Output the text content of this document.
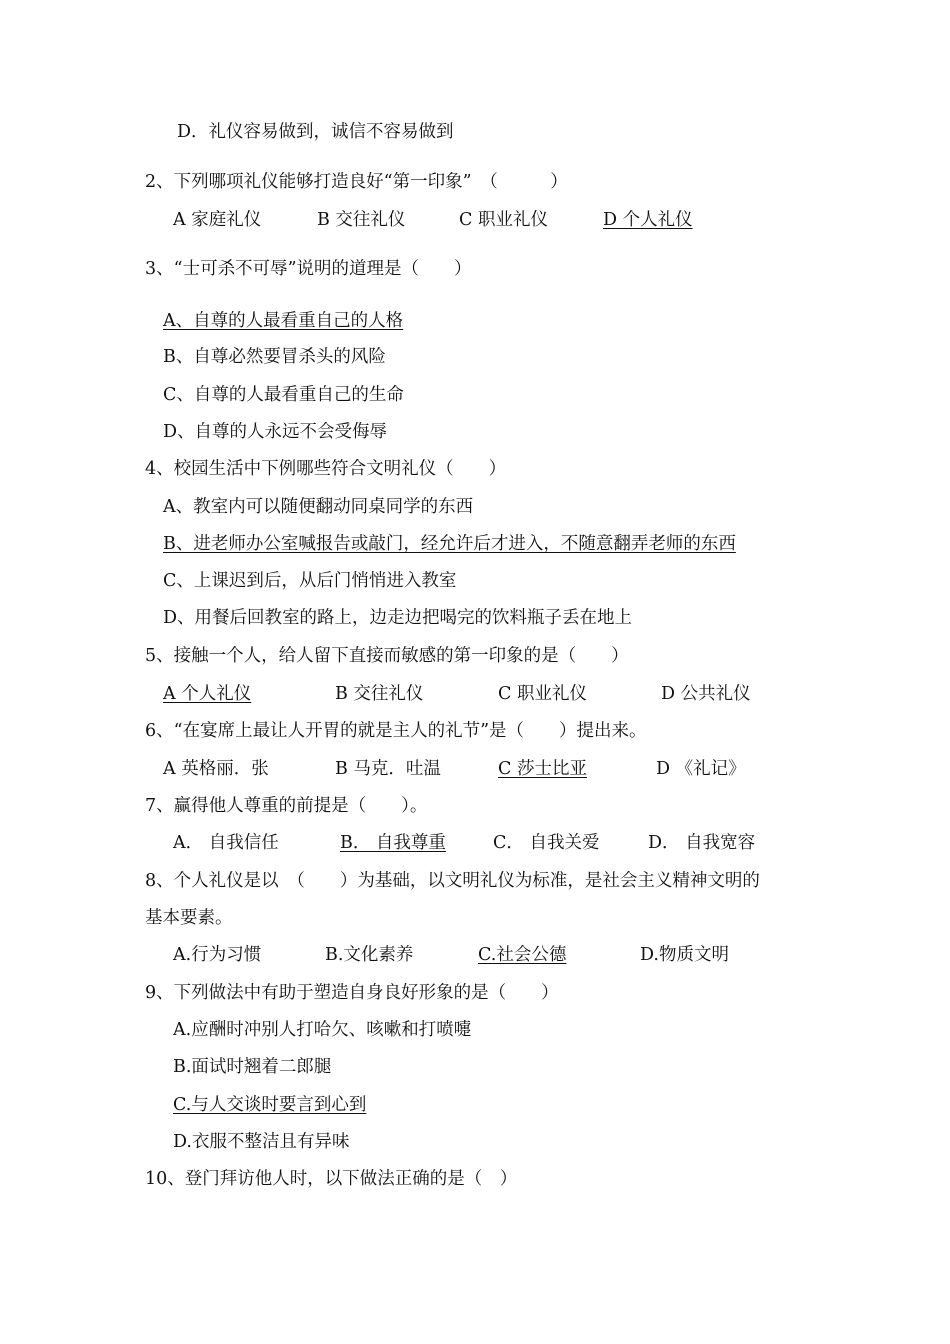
D．礼仪容易做到，诚信不容易做到
2、下列哪项礼仪能够打造良好“第一印象”　（　　　）
A 家庭礼仪	B 交往礼仪	C 职业礼仪	D 个人礼仪
3、“士可杀不可辱”说明的道理是（　　）
A、自尊的人最看重自己的人格
B、自尊必然要冒杀头的风险
C、自尊的人最看重自己的生命
D、自尊的人永远不会受侮辱
4、校园生活中下例哪些符合文明礼仪（　　）
A、教室内可以随便翻动同桌同学的东西
B、进老师办公室喊报告或敲门，经允许后才进入，不随意翻弄老师的东西
C、上课迟到后，从后门悄悄进入教室
D、用餐后回教室的路上，边走边把喝完的饮料瓶子丢在地上
5、接触一个人，给人留下直接而敏感的第一印象的是（　　）
A 个人礼仪	B 交往礼仪	C 职业礼仪	D 公共礼仪
6、“在宴席上最让人开胃的就是主人的礼节”是（　　）提出来。
A 英格丽．张	B 马克．吐温	C 莎士比亚	D 《礼记》
7、赢得他人尊重的前提是（　　）。
A． 自我信任	B． 自我尊重	C． 自我关爱	D． 自我宽容
8、个人礼仪是以　（　　）为基础，以文明礼仪为标准，是社会主义精神文明的
基本要素。
A.行为习惯	B.文化素养	C.社会公德	D.物质文明
9、下列做法中有助于塑造自身良好形象的是（　　）
A.应酬时冲别人打哈欠、咳嗽和打喷嚏
B.面试时翘着二郎腿
C.与人交谈时要言到心到
D.衣服不整洁且有异味
10、登门拜访他人时，以下做法正确的是（　）
